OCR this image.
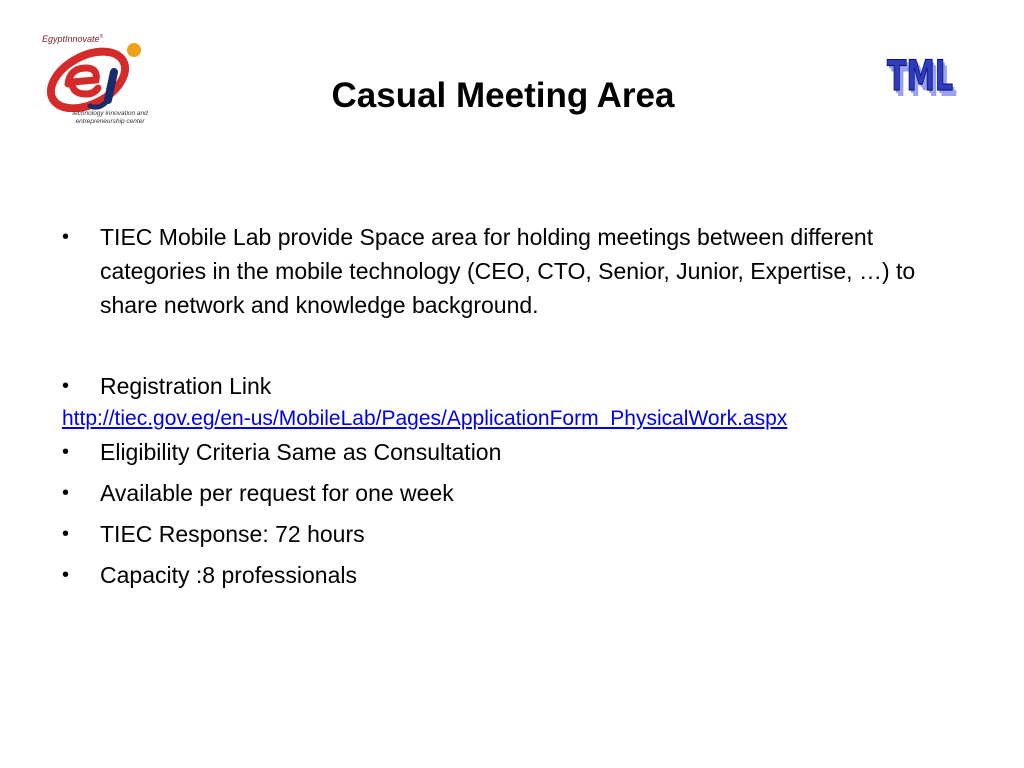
EgyptInnovate®
technology innovation and entrepreneurship center
TML
TML
TML
Casual Meeting Area
•	TIEC Mobile Lab provide Space area for holding meetings between different categories in the mobile technology (CEO, CTO, Senior, Junior, Expertise, …) to share network and knowledge background.
•	Registration Link
http://tiec.gov.eg/en-us/MobileLab/Pages/ApplicationForm_PhysicalWork.aspx
•	Eligibility Criteria Same as Consultation
•	Available per request for one week
•	TIEC Response: 72 hours
•	Capacity :8 professionals
